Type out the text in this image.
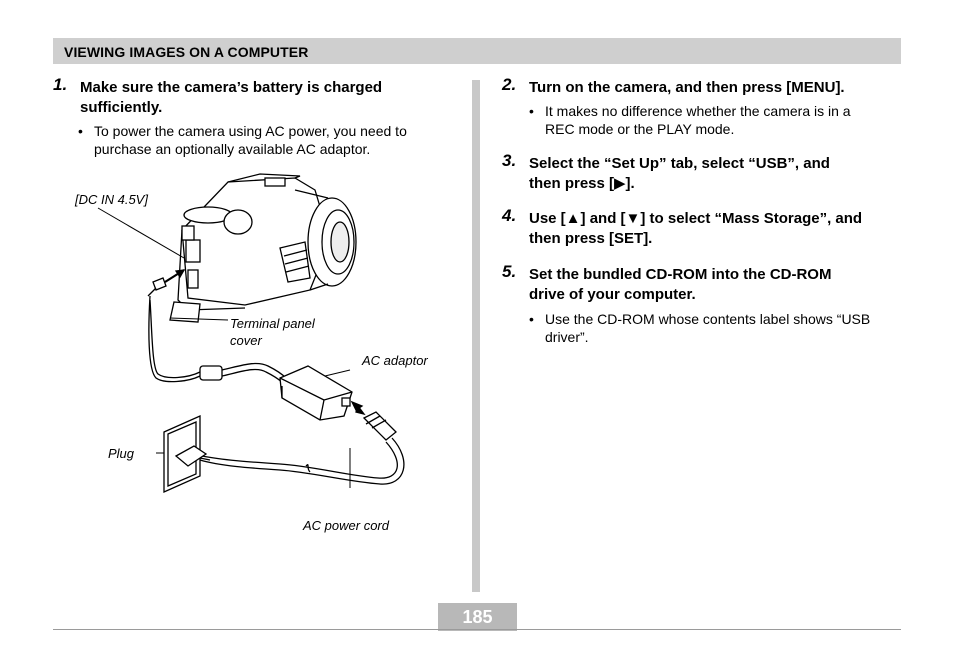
VIEWING IMAGES ON A COMPUTER
1. Make sure the camera’s battery is charged
sufficiently.
• To power the camera using AC power, you need to
purchase an optionally available AC adaptor.
[DC IN 4.5V]
Terminal panel
cover
AC adaptor
Plug
AC power cord
2. Turn on the camera, and then press [MENU].
• It makes no difference whether the camera is in a
REC mode or the PLAY mode.
3. Select the “Set Up” tab, select “USB”, and
then press [▶].
4. Use [▲] and [▼] to select “Mass Storage”, and
then press [SET].
5. Set the bundled CD-ROM into the CD-ROM
drive of your computer.
• Use the CD-ROM whose contents label shows “USB
driver”.
185
